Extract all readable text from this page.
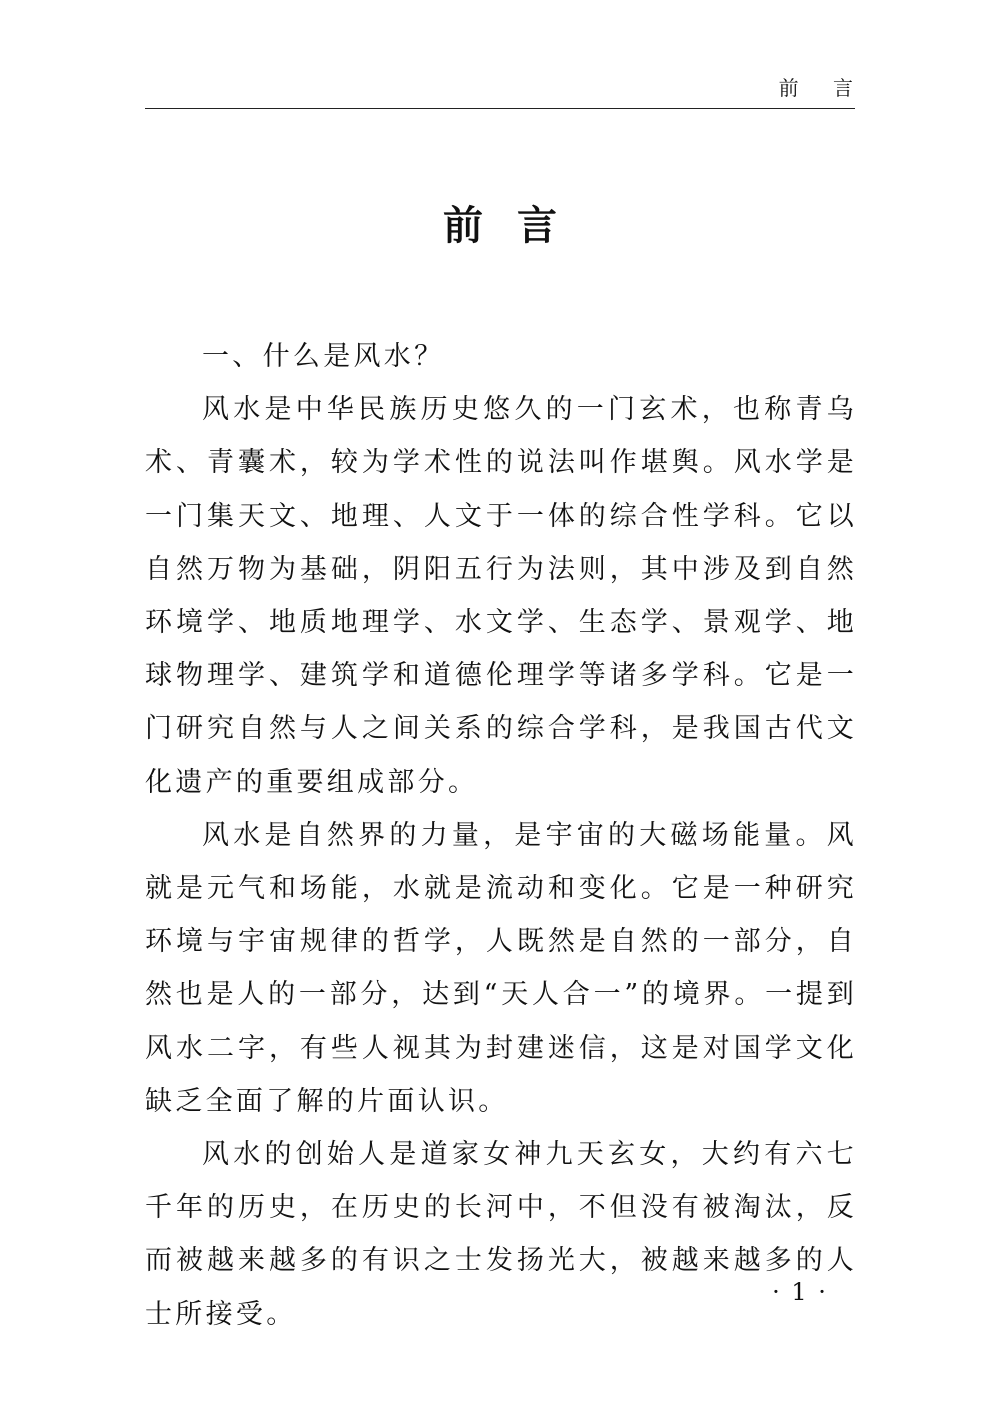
前 言
前言

一、什么是风水？

风水是中华民族历史悠久的一门玄术，也称青乌术、青囊术，较为学术性的说法叫作堪舆。风水学是一门集天文、地理、人文于一体的综合性学科。它以自然万物为基础，阴阳五行为法则，其中涉及到自然环境学、地质地理学、水文学、生态学、景观学、地球物理学、建筑学和道德伦理学等诸多学科。它是一门研究自然与人之间关系的综合学科，是我国古代文化遗产的重要组成部分。

风水是自然界的力量，是宇宙的大磁场能量。风就是元气和场能，水就是流动和变化。它是一种研究环境与宇宙规律的哲学，人既然是自然的一部分，自然也是人的一部分，达到“天人合一”的境界。一提到风水二字，有些人视其为封建迷信，这是对国学文化缺乏全面了解的片面认识。

风水的创始人是道家女神九天玄女，大约有六七千年的历史，在历史的长河中，不但没有被淘汰，反而被越来越多的有识之士发扬光大，被越来越多的人士所接受。

· 1 ·
